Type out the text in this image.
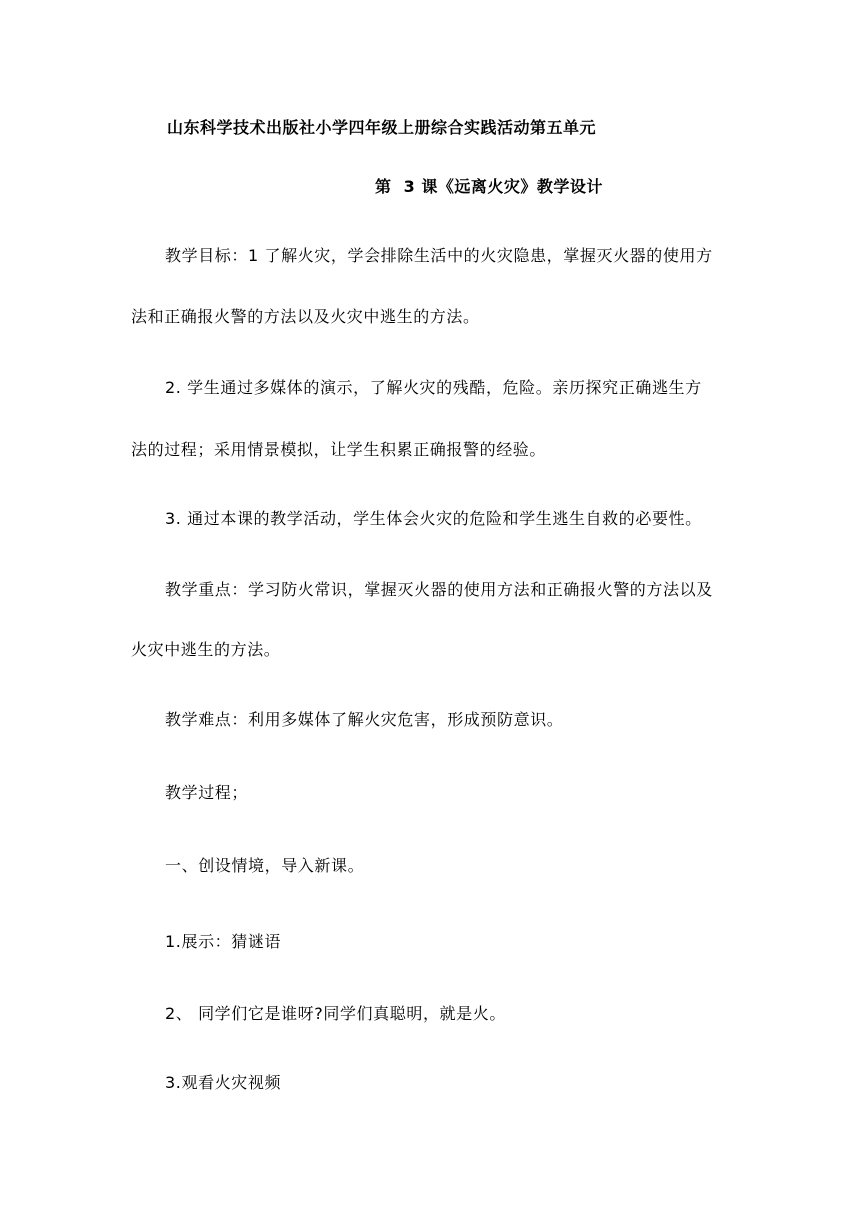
山东科学技术出版社小学四年级上册综合实践活动第五单元
第  3 课《远离火灾》教学设计
教学目标：1 了解火灾，学会排除生活中的火灾隐患，掌握灭火器的使用方
法和正确报火警的方法以及火灾中逃生的方法。
2. 学生通过多媒体的演示，了解火灾的残酷，危险。亲历探究正确逃生方
法的过程；采用情景模拟，让学生积累正确报警的经验。
3. 通过本课的教学活动，学生体会火灾的危险和学生逃生自救的必要性。
教学重点：学习防火常识，掌握灭火器的使用方法和正确报火警的方法以及
火灾中逃生的方法。
教学难点：利用多媒体了解火灾危害，形成预防意识。
教学过程；
一、创设情境，导入新课。
1.展示：猜谜语
2、 同学们它是谁呀?同学们真聪明，就是火。
3.观看火灾视频
